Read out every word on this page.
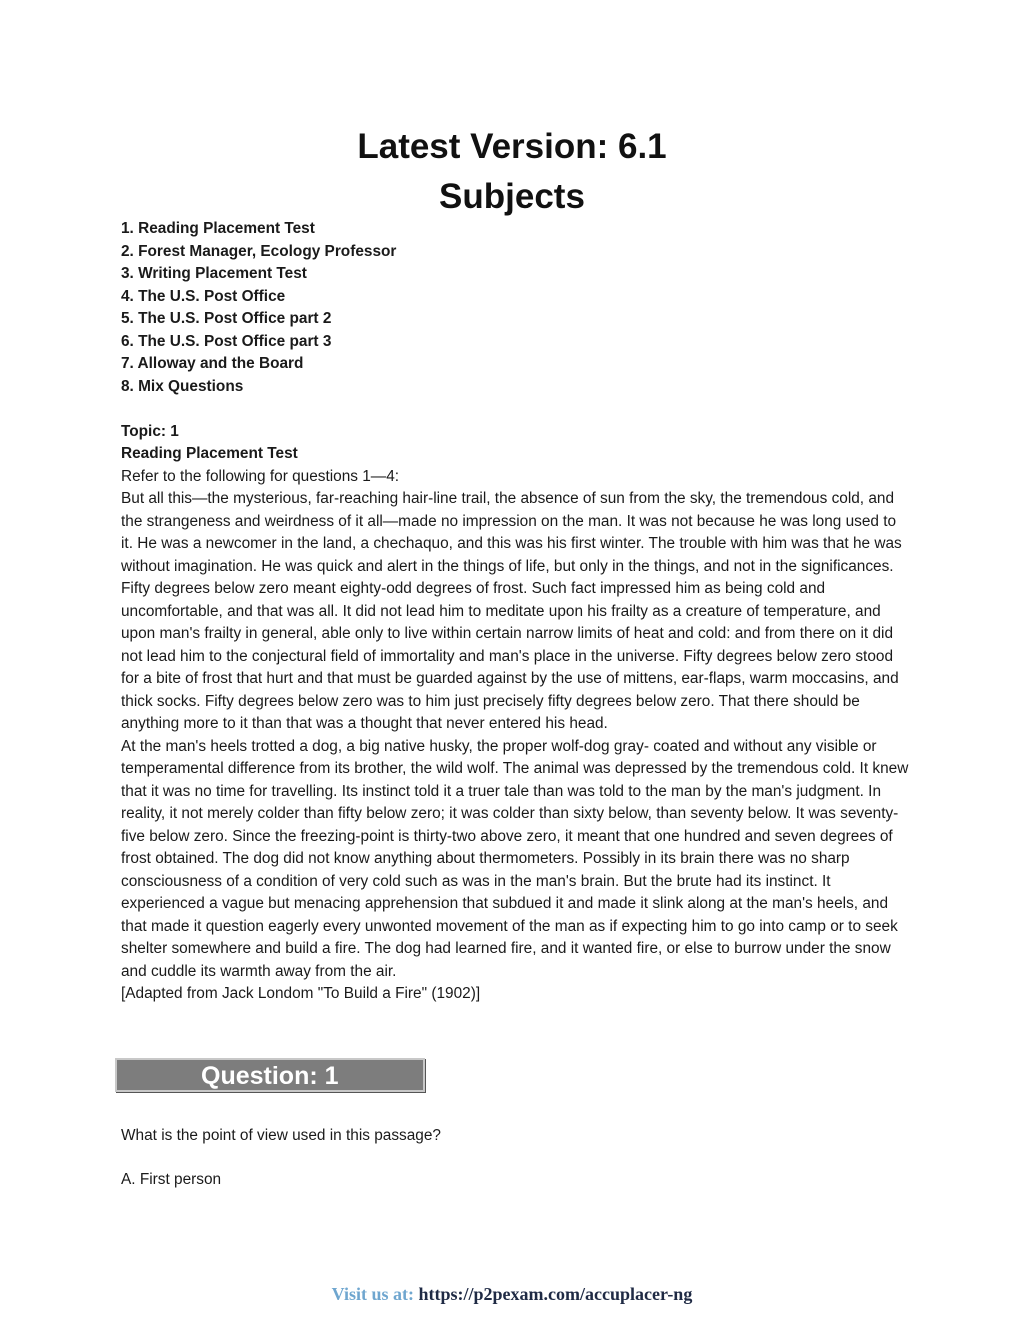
Latest Version: 6.1
Subjects
1. Reading Placement Test
2. Forest Manager, Ecology Professor
3. Writing Placement Test
4. The U.S. Post Office
5. The U.S. Post Office part 2
6. The U.S. Post Office part 3
7. Alloway and the Board
8. Mix Questions
Topic: 1
Reading Placement Test

Refer to the following for questions 1—4:

But all this—the mysterious, far-reaching hair-line trail, the absence of sun from the sky, the tremendous cold, and the strangeness and weirdness of it all—made no impression on the man. It was not because he was long used to it. He was a newcomer in the land, a chechaquo, and this was his first winter. The trouble with him was that he was without imagination. He was quick and alert in the things of life, but only in the things, and not in the significances. Fifty degrees below zero meant eighty-odd degrees of frost. Such fact impressed him as being cold and uncomfortable, and that was all. It did not lead him to meditate upon his frailty as a creature of temperature, and upon man's frailty in general, able only to live within certain narrow limits of heat and cold: and from there on it did not lead him to the conjectural field of immortality and man's place in the universe. Fifty degrees below zero stood for a bite of frost that hurt and that must be guarded against by the use of mittens, ear-flaps, warm moccasins, and thick socks. Fifty degrees below zero was to him just precisely fifty degrees below zero. That there should be anything more to it than that was a thought that never entered his head.

At the man's heels trotted a dog, a big native husky, the proper wolf-dog gray- coated and without any visible or temperamental difference from its brother, the wild wolf. The animal was depressed by the tremendous cold. It knew that it was no time for travelling. Its instinct told it a truer tale than was told to the man by the man's judgment. In reality, it not merely colder than fifty below zero; it was colder than sixty below, than seventy below. It was seventy-five below zero. Since the freezing-point is thirty-two above zero, it meant that one hundred and seven degrees of frost obtained. The dog did not know anything about thermometers. Possibly in its brain there was no sharp consciousness of a condition of very cold such as was in the man's brain. But the brute had its instinct. It experienced a vague but menacing apprehension that subdued it and made it slink along at the man's heels, and that made it question eagerly every unwonted movement of the man as if expecting him to go into camp or to seek shelter somewhere and build a fire. The dog had learned fire, and it wanted fire, or else to burrow under the snow and cuddle its warmth away from the air.

[Adapted from Jack Londom "To Build a Fire" (1902)]

Question: 1

What is the point of view used in this passage?

A. First person

Visit us at: https://p2pexam.com/accuplacer-ng
